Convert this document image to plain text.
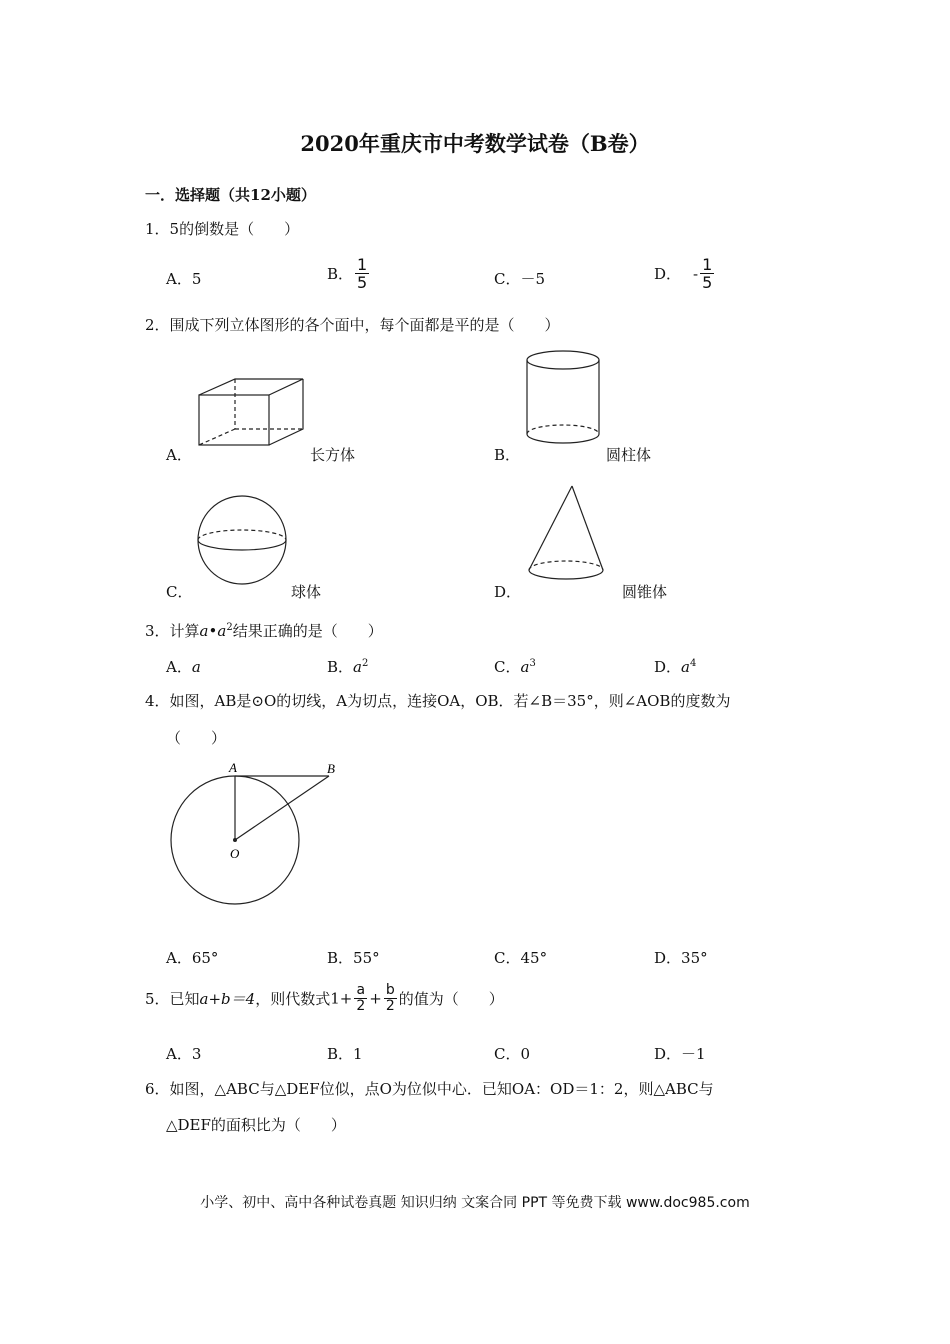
2020年重庆市中考数学试卷（B卷）
一．选择题（共12小题）
1．5的倒数是（　　）
A．5	B． $\frac{1}{5}$	C．－5	D． - $\frac{1}{5}$
2．围成下列立体图形的各个面中，每个面都是平的是（　　）
A．	长方体	B．	圆柱体
C．	球体	D．	圆锥体
3．计算$a•a^2$结果正确的是（　　）
A．a	B．$a^2$	C．$a^3$	D．$a^4$
4．如图，AB是⊙O的切线，A为切点，连接OA，OB．若∠B＝35°，则∠AOB的度数为
（　　）
A	B
O
A．65°	B．55°	C．45°	D．35°
5．已知a+b＝4，则代数式$1+ \frac{a}{2} + \frac{b}{2}$ 的值为（　　）
A．3	B．1	C．0	D．－1
6．如图，△ABC与△DEF位似，点O为位似中心．已知OA：OD＝1：2，则△ABC与
△DEF的面积比为（　　）
小学、初中、高中各种试卷真题 知识归纳 文案合同 PPT 等免费下载 www.doc985.com
